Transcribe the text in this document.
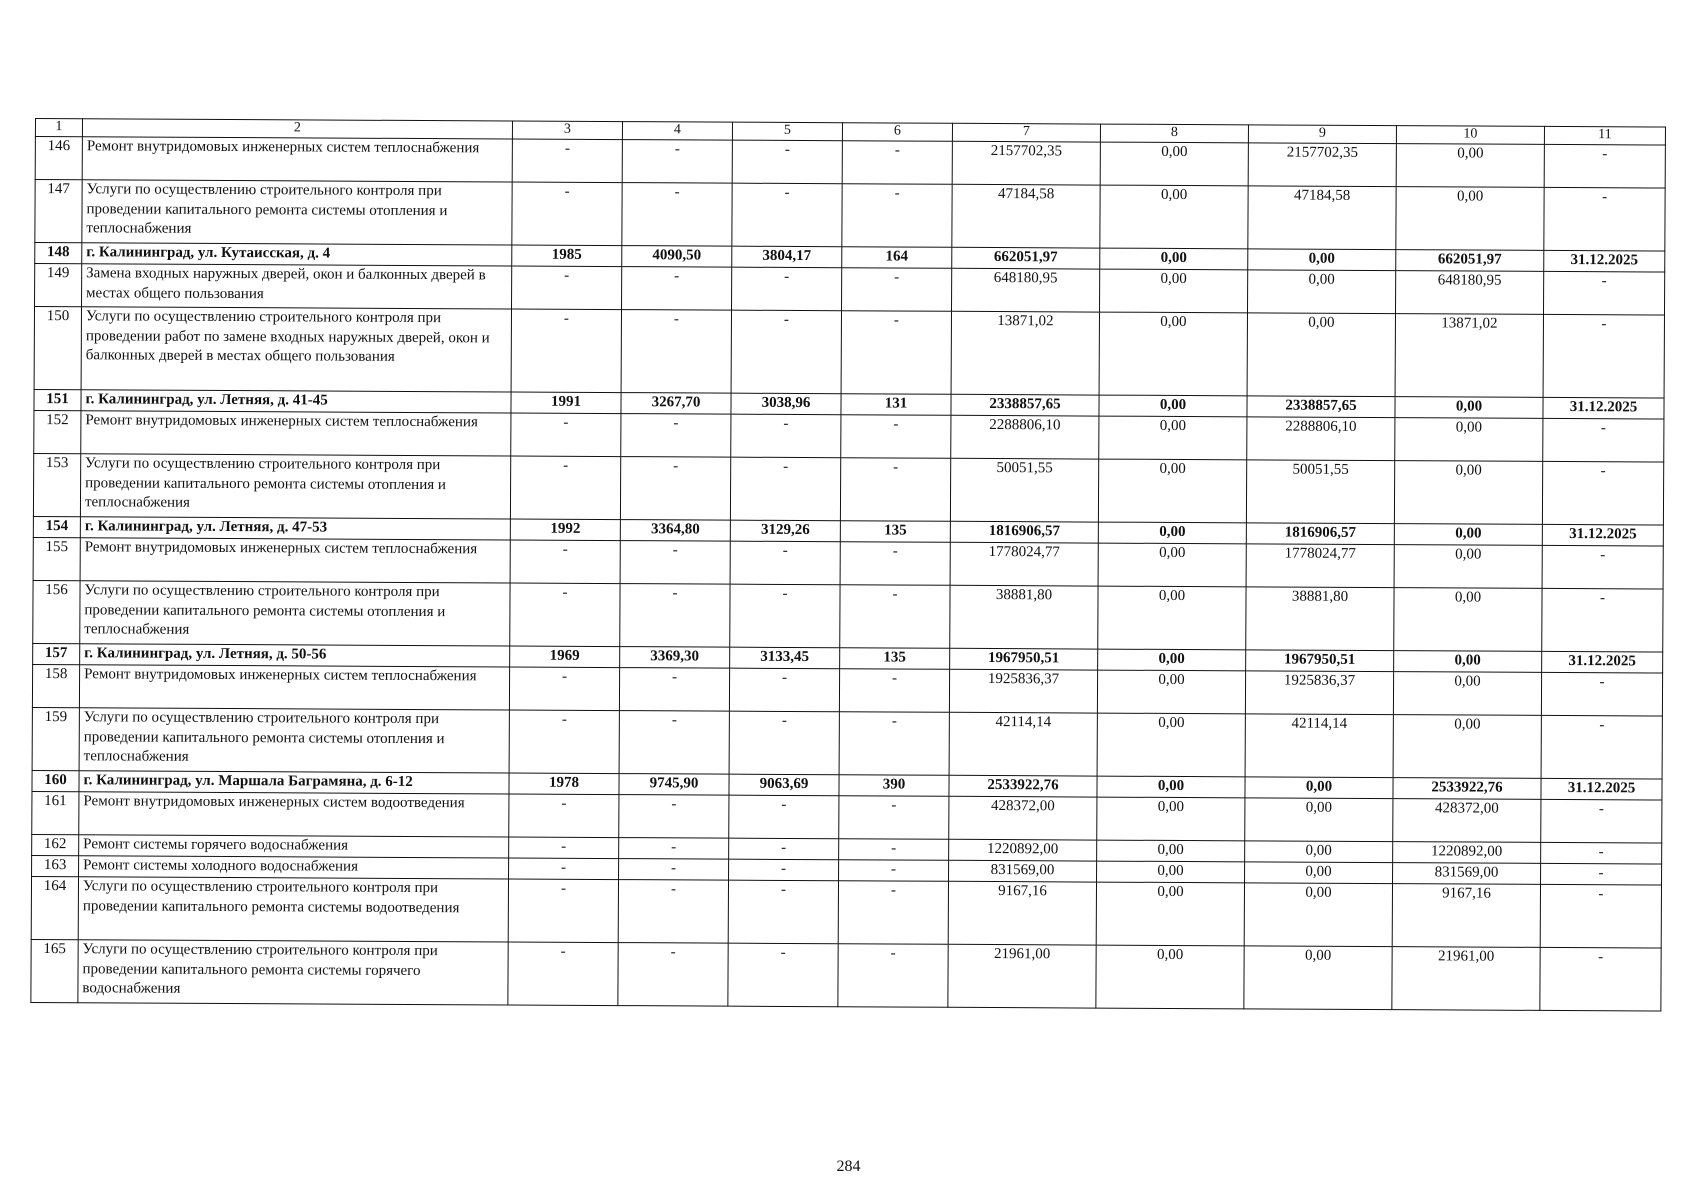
1	2	3	4	5	6	7	8	9	10	11
146	Ремонт внутридомовых инженерных систем теплоснабжения	-	-	-	-	2157702,35	0,00	2157702,35	0,00	-
147	Услуги по осуществлению строительного контроля при проведении капитального ремонта системы отопления и теплоснабжения	-	-	-	-	47184,58	0,00	47184,58	0,00	-
148	г. Калининград, ул. Кутаисская, д. 4	1985	4090,50	3804,17	164	662051,97	0,00	0,00	662051,97	31.12.2025
149	Замена входных наружных дверей, окон и балконных дверей в местах общего пользования	-	-	-	-	648180,95	0,00	0,00	648180,95	-
150	Услуги по осуществлению строительного контроля при проведении работ по замене входных наружных дверей, окон и балконных дверей в местах общего пользования	-	-	-	-	13871,02	0,00	0,00	13871,02	-
151	г. Калининград, ул. Летняя, д. 41-45	1991	3267,70	3038,96	131	2338857,65	0,00	2338857,65	0,00	31.12.2025
152	Ремонт внутридомовых инженерных систем теплоснабжения	-	-	-	-	2288806,10	0,00	2288806,10	0,00	-
153	Услуги по осуществлению строительного контроля при проведении капитального ремонта системы отопления и теплоснабжения	-	-	-	-	50051,55	0,00	50051,55	0,00	-
154	г. Калининград, ул. Летняя, д. 47-53	1992	3364,80	3129,26	135	1816906,57	0,00	1816906,57	0,00	31.12.2025
155	Ремонт внутридомовых инженерных систем теплоснабжения	-	-	-	-	1778024,77	0,00	1778024,77	0,00	-
156	Услуги по осуществлению строительного контроля при проведении капитального ремонта системы отопления и теплоснабжения	-	-	-	-	38881,80	0,00	38881,80	0,00	-
157	г. Калининград, ул. Летняя, д. 50-56	1969	3369,30	3133,45	135	1967950,51	0,00	1967950,51	0,00	31.12.2025
158	Ремонт внутридомовых инженерных систем теплоснабжения	-	-	-	-	1925836,37	0,00	1925836,37	0,00	-
159	Услуги по осуществлению строительного контроля при проведении капитального ремонта системы отопления и теплоснабжения	-	-	-	-	42114,14	0,00	42114,14	0,00	-
160	г. Калининград, ул. Маршала Баграмяна, д. 6-12	1978	9745,90	9063,69	390	2533922,76	0,00	0,00	2533922,76	31.12.2025
161	Ремонт внутридомовых инженерных систем водоотведения	-	-	-	-	428372,00	0,00	0,00	428372,00	-
162	Ремонт системы горячего водоснабжения	-	-	-	-	1220892,00	0,00	0,00	1220892,00	-
163	Ремонт системы холодного водоснабжения	-	-	-	-	831569,00	0,00	0,00	831569,00	-
164	Услуги по осуществлению строительного контроля при проведении капитального ремонта системы водоотведения	-	-	-	-	9167,16	0,00	0,00	9167,16	-
165	Услуги по осуществлению строительного контроля при проведении капитального ремонта системы горячего водоснабжения	-	-	-	-	21961,00	0,00	0,00	21961,00	-
284
